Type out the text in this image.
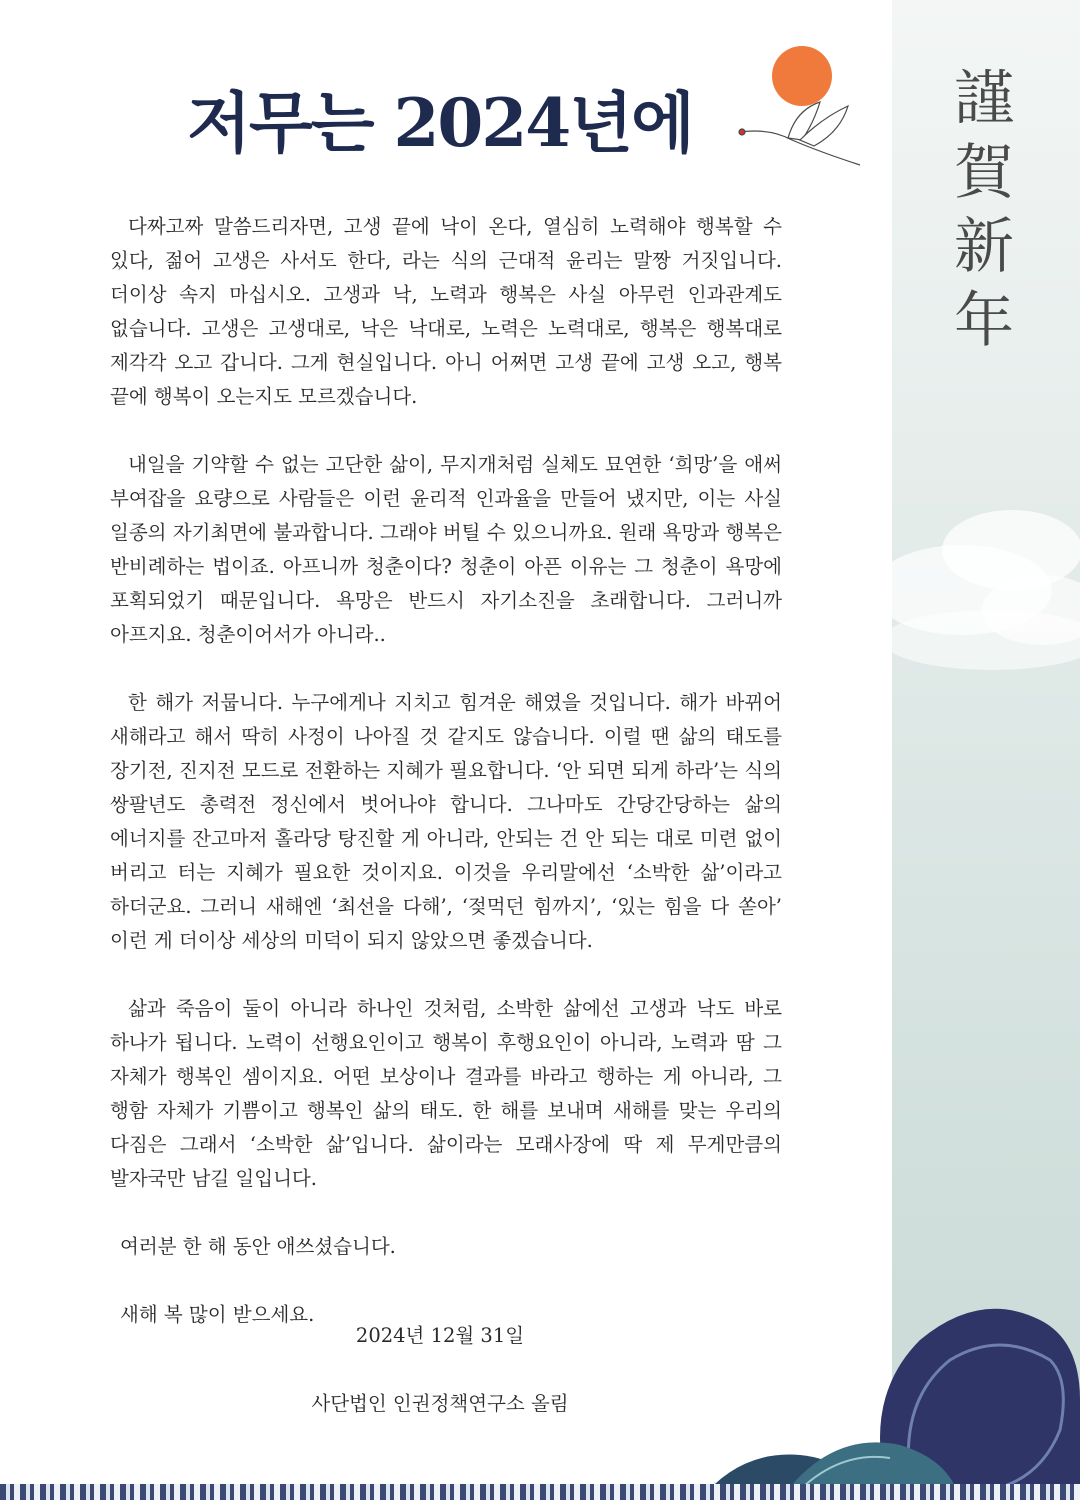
謹
賀
新
年
저무는 2024년에

다짜고짜 말씀드리자면, 고생 끝에 낙이 온다, 열심히 노력해야 행복할 수 있다, 젊어 고생은 사서도 한다, 라는 식의 근대적 윤리는 말짱 거짓입니다. 더이상 속지 마십시오. 고생과 낙, 노력과 행복은 사실 아무런 인과관계도 없습니다. 고생은 고생대로, 낙은 낙대로, 노력은 노력대로, 행복은 행복대로 제각각 오고 갑니다. 그게 현실입니다. 아니 어쩌면 고생 끝에 고생 오고, 행복 끝에 행복이 오는지도 모르겠습니다.

내일을 기약할 수 없는 고단한 삶이, 무지개처럼 실체도 묘연한 ‘희망’을 애써 부여잡을 요량으로 사람들은 이런 윤리적 인과율을 만들어 냈지만, 이는 사실 일종의 자기최면에 불과합니다. 그래야 버틸 수 있으니까요. 원래 욕망과 행복은 반비례하는 법이죠. 아프니까 청춘이다? 청춘이 아픈 이유는 그 청춘이 욕망에 포획되었기 때문입니다. 욕망은 반드시 자기소진을 초래합니다. 그러니까 아프지요. 청춘이어서가 아니라..

한 해가 저뭅니다. 누구에게나 지치고 힘겨운 해였을 것입니다. 해가 바뀌어 새해라고 해서 딱히 사정이 나아질 것 같지도 않습니다. 이럴 땐 삶의 태도를 장기전, 진지전 모드로 전환하는 지혜가 필요합니다. ‘안 되면 되게 하라’는 식의 쌍팔년도 총력전 정신에서 벗어나야 합니다. 그나마도 간당간당하는 삶의 에너지를 잔고마저 홀라당 탕진할 게 아니라, 안되는 건 안 되는 대로 미련 없이 버리고 터는 지혜가 필요한 것이지요. 이것을 우리말에선 ‘소박한 삶’이라고 하더군요. 그러니 새해엔 ‘최선을 다해’, ‘젖먹던 힘까지’, ‘있는 힘을 다 쏟아’ 이런 게 더이상 세상의 미덕이 되지 않았으면 좋겠습니다.

삶과 죽음이 둘이 아니라 하나인 것처럼, 소박한 삶에선 고생과 낙도 바로 하나가 됩니다. 노력이 선행요인이고 행복이 후행요인이 아니라, 노력과 땀 그 자체가 행복인 셈이지요. 어떤 보상이나 결과를 바라고 행하는 게 아니라, 그 행함 자체가 기쁨이고 행복인 삶의 태도. 한 해를 보내며 새해를 맞는 우리의 다짐은 그래서 ‘소박한 삶’입니다. 삶이라는 모래사장에 딱 제 무게만큼의 발자국만 남길 일입니다.

여러분 한 해 동안 애쓰셨습니다.

새해 복 많이 받으세요.

2024년 12월 31일
사단법인 인권정책연구소 올림
